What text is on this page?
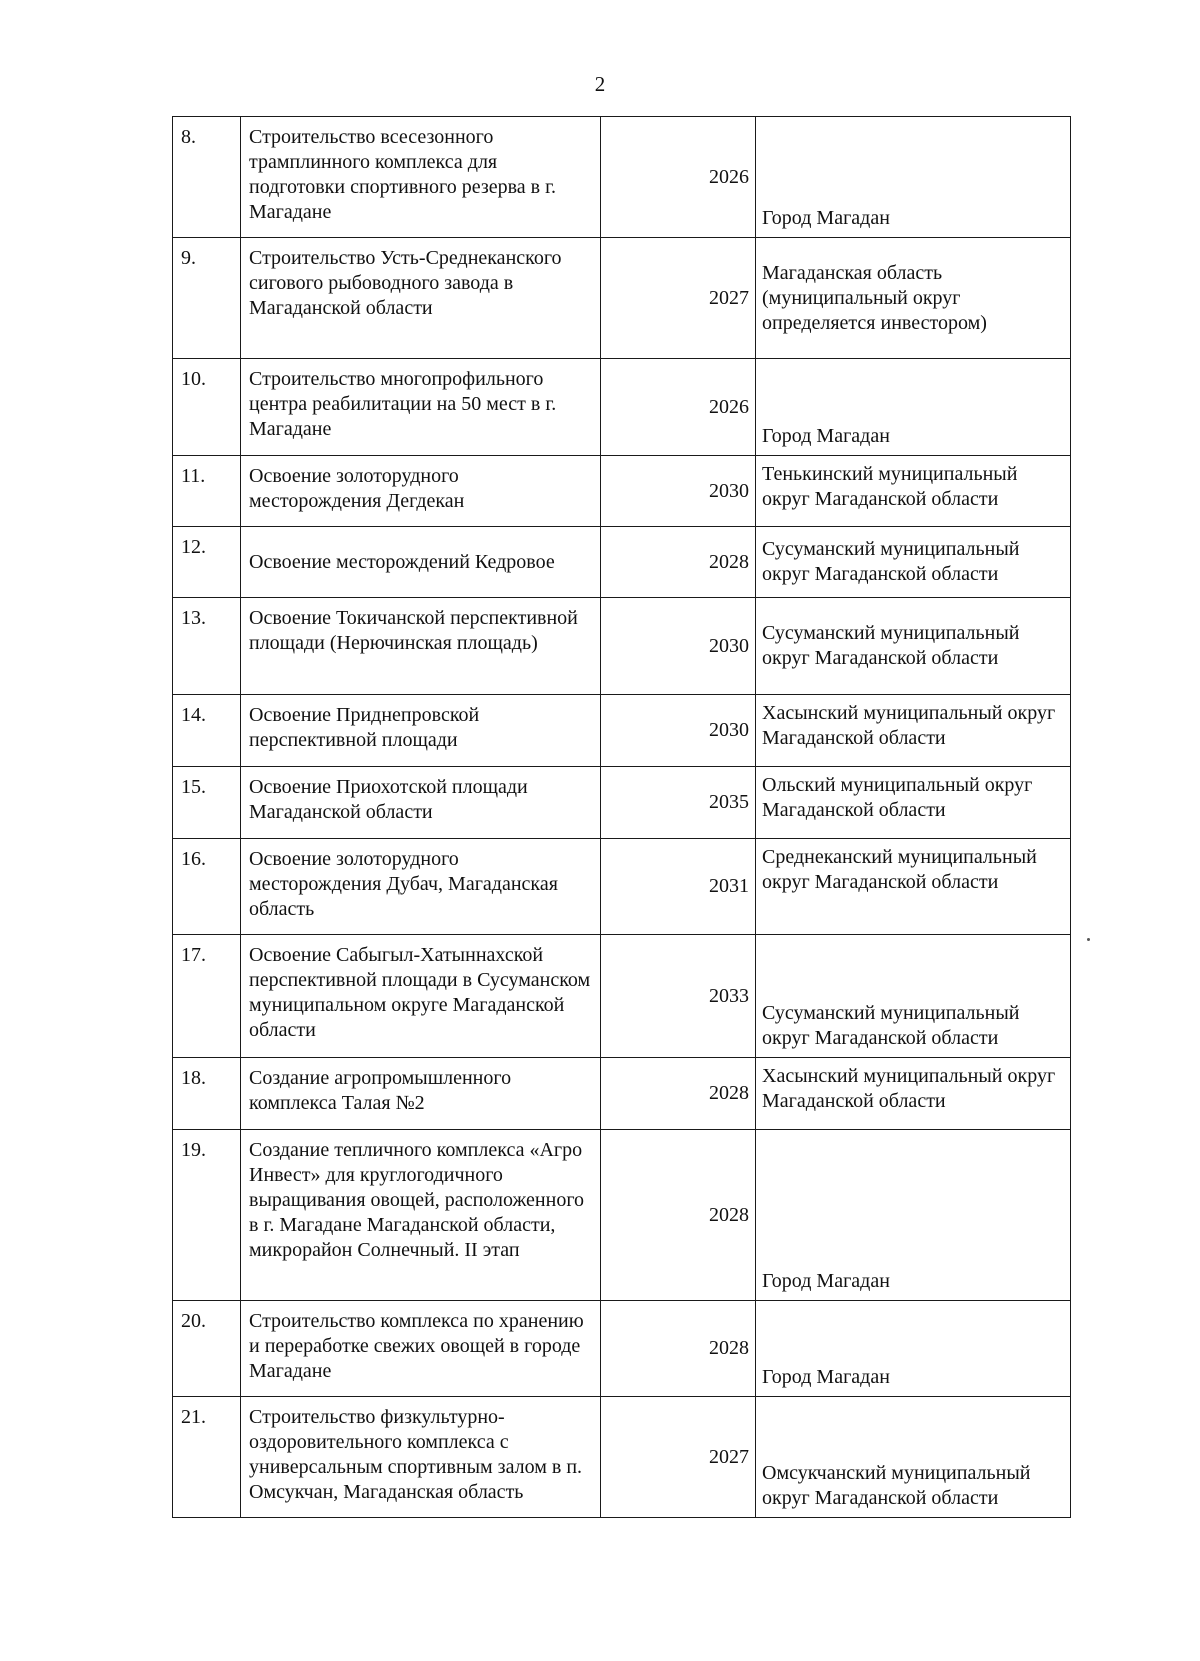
2
8.	Строительство всесезонного трамплинного комплекса для подготовки спортивного резерва в г. Магадане	2026	Город Магадан
9.	Строительство Усть-Среднеканского сигового рыбоводного завода в Магаданской области	2027	Магаданская область (муниципальный округ определяется инвестором)
10.	Строительство многопрофильного центра реабилитации на 50 мест в г. Магадане	2026	Город Магадан
11.	Освоение золоторудного месторождения Дегдекан	2030	Тенькинский муниципальный округ Магаданской области
12.	Освоение месторождений Кедровое	2028	Сусуманский муниципальный округ Магаданской области
13.	Освоение Токичанской перспективной площади (Нерючинская площадь)	2030	Сусуманский муниципальный округ Магаданской области
14.	Освоение Приднепровской перспективной площади	2030	Хасынский муниципальный округ Магаданской области
15.	Освоение Приохотской площади Магаданской области	2035	Ольский муниципальный округ Магаданской области
16.	Освоение золоторудного месторождения Дубач, Магаданская область	2031	Среднеканский муниципальный округ Магаданской области
17.	Освоение Сабыгыл-Хатыннахской перспективной площади в Сусуманском муниципальном округе Магаданской области	2033	Сусуманский муниципальный округ Магаданской области
18.	Создание агропромышленного комплекса Талая №2	2028	Хасынский муниципальный округ Магаданской области
19.	Создание тепличного комплекса «Агро Инвест» для круглогодичного выращивания овощей, расположенного в г. Магадане Магаданской области, микрорайон Солнечный. II этап	2028	Город Магадан
20.	Строительство комплекса по хранению и переработке свежих овощей в городе Магадане	2028	Город Магадан
21.	Строительство физкультурно-оздоровительного комплекса с универсальным спортивным залом в п. Омсукчан, Магаданская область	2027	Омсукчанский муниципальный округ Магаданской области
